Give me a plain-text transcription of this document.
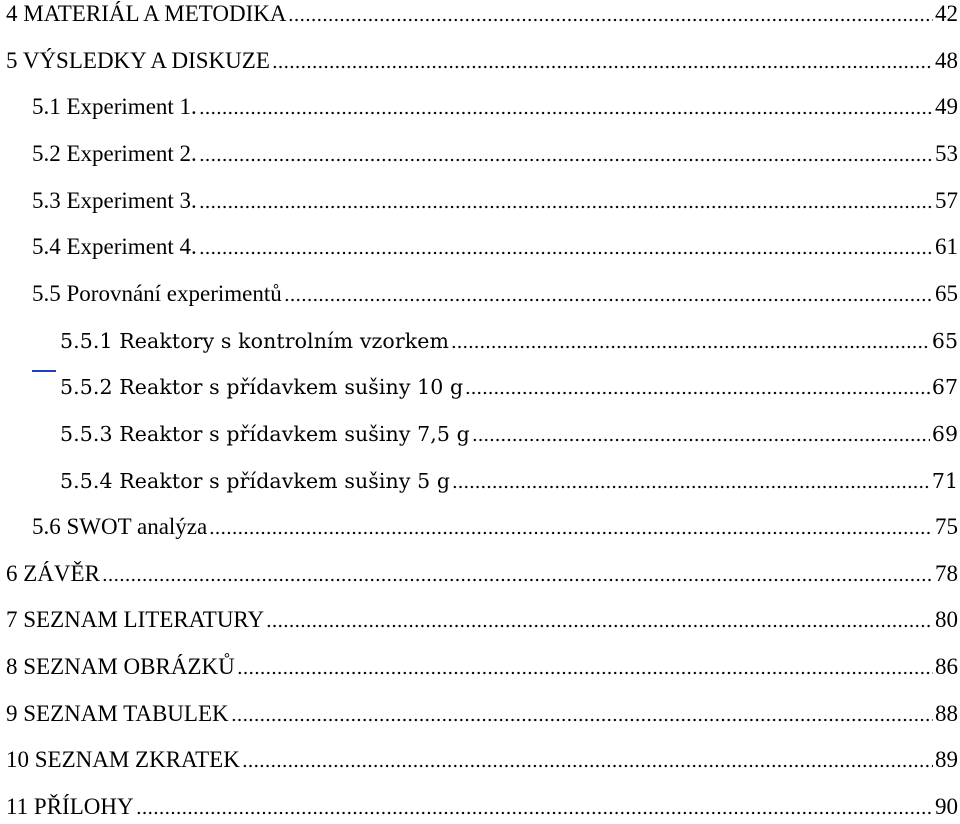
4 MATERIÁL A METODIKA	42
5 VÝSLEDKY A DISKUZE	48
5.1 Experiment 1.	49
5.2 Experiment 2.	53
5.3 Experiment 3.	57
5.4 Experiment 4.	61
5.5 Porovnání experimentů	65
5.5.1 Reaktory s kontrolním vzorkem	65
5.5.2 Reaktor s přídavkem sušiny 10 g	67
5.5.3 Reaktor s přídavkem sušiny 7,5 g	69
5.5.4 Reaktor s přídavkem sušiny 5 g	71
5.6 SWOT analýza	75
6 ZÁVĚR	78
7 SEZNAM LITERATURY	80
8 SEZNAM OBRÁZKŮ	86
9 SEZNAM TABULEK	88
10 SEZNAM ZKRATEK	89
11 PŘÍLOHY	90
